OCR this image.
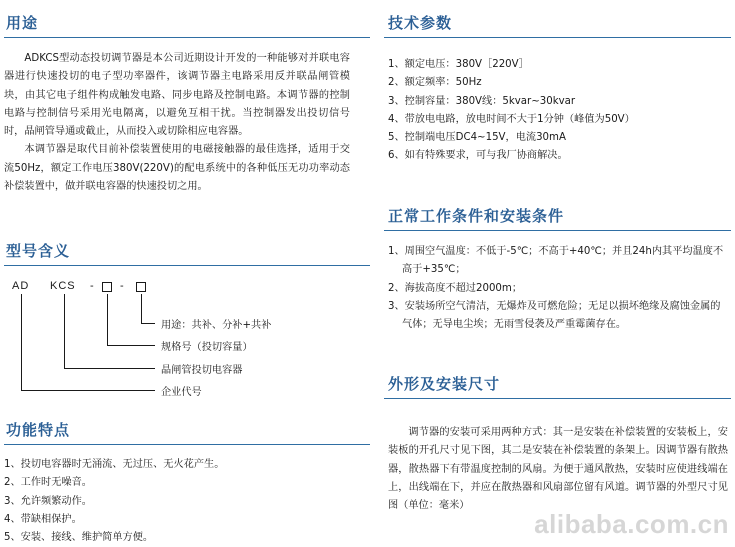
用途

ADKCS型动态投切调节器是本公司近期设计开发的一种能够对并联电容器进行快速投切的电子型功率器件，该调节器主电路采用反并联晶闸管模块，由其它电子组件构成触发电路、同步电路及控制电路。本调节器的控制电路与控制信号采用光电隔离，以避免互相干扰。当控制器发出投切信号时，晶闸管导通或截止，从而投入或切除相应电容器。

本调节器是取代目前补偿装置使用的电磁接触器的最佳选择，适用于交流50Hz，额定工作电压380V(220V)的配电系统中的各种低压无功功率动态补偿装置中，做并联电容器的快速投切之用。

型号含义
AD KCS - -
用途：共补、分补+共补
规格号（投切容量）
晶闸管投切电容器
企业代号
功能特点
1、投切电容器时无涌流、无过压、无火花产生。
2、工作时无噪音。
3、允许频繁动作。
4、带缺相保护。
5、安装、接线、维护简单方便。
技术参数
1、额定电压：380V［220V］
2、额定频率：50Hz
3、控制容量：380V线：5kvar~30kvar
4、带放电电路，放电时间不大于1分钟（峰值为50V）
5、控制端电压DC4~15V，电流30mA
6、如有特殊要求，可与我厂协商解决。
正常工作条件和安装条件
1、周围空气温度：不低于-5℃；不高于+40℃；并且24h内其平均温度不高于+35℃；
2、海拔高度不超过2000m；
3、安装场所空气清洁，无爆炸及可燃危险；无足以损坏绝缘及腐蚀金属的气体；无导电尘埃；无雨雪侵袭及严重霉菌存在。
外形及安装尺寸
调节器的安装可采用两种方式：其一是安装在补偿装置的安装板上，安装板的开孔尺寸见下图，其二是安装在补偿装置的条架上。因调节器有散热器，散热器下有带温度控制的风扇。为便于通风散热，安装时应使进线端在上，出线端在下，并应在散热器和风扇部位留有风道。调节器的外型尺寸见图（单位：毫米）
alibaba.com.cn
